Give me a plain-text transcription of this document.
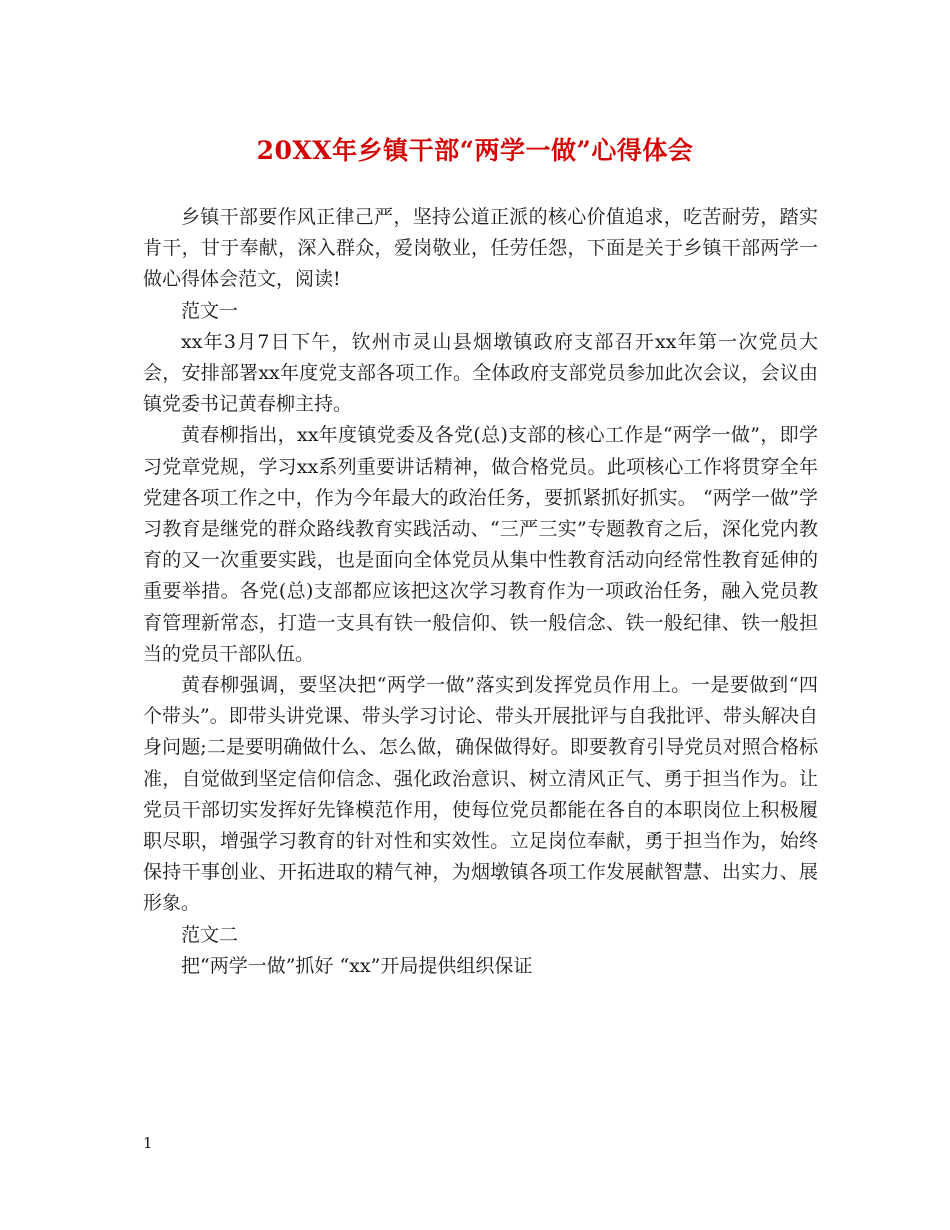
20XX年乡镇干部“两学一做”心得体会

乡镇干部要作风正律己严，坚持公道正派的核心价值追求，吃苦耐劳，踏实肯干，甘于奉献，深入群众，爱岗敬业，任劳任怨，下面是关于乡镇干部两学一做心得体会范文，阅读!

范文一

xx年3月7日下午，钦州市灵山县烟墩镇政府支部召开xx年第一次党员大会，安排部署xx年度党支部各项工作。全体政府支部党员参加此次会议，会议由镇党委书记黄春柳主持。

黄春柳指出，xx年度镇党委及各党(总)支部的核心工作是“两学一做”，即学习党章党规，学习xx系列重要讲话精神，做合格党员。此项核心工作将贯穿全年党建各项工作之中，作为今年最大的政治任务，要抓紧抓好抓实。 “两学一做”学习教育是继党的群众路线教育实践活动、“三严三实”专题教育之后，深化党内教育的又一次重要实践，也是面向全体党员从集中性教育活动向经常性教育延伸的重要举措。各党(总)支部都应该把这次学习教育作为一项政治任务，融入党员教育管理新常态，打造一支具有铁一般信仰、铁一般信念、铁一般纪律、铁一般担当的党员干部队伍。

黄春柳强调，要坚决把“两学一做”落实到发挥党员作用上。一是要做到“四个带头”。即带头讲党课、带头学习讨论、带头开展批评与自我批评、带头解决自身问题;二是要明确做什么、怎么做，确保做得好。即要教育引导党员对照合格标准，自觉做到坚定信仰信念、强化政治意识、树立清风正气、勇于担当作为。让党员干部切实发挥好先锋模范作用，使每位党员都能在各自的本职岗位上积极履职尽职，增强学习教育的针对性和实效性。立足岗位奉献，勇于担当作为，始终保持干事创业、开拓进取的精气神，为烟墩镇各项工作发展献智慧、出实力、展形象。

范文二

把“两学一做”抓好 “xx”开局提供组织保证

1
